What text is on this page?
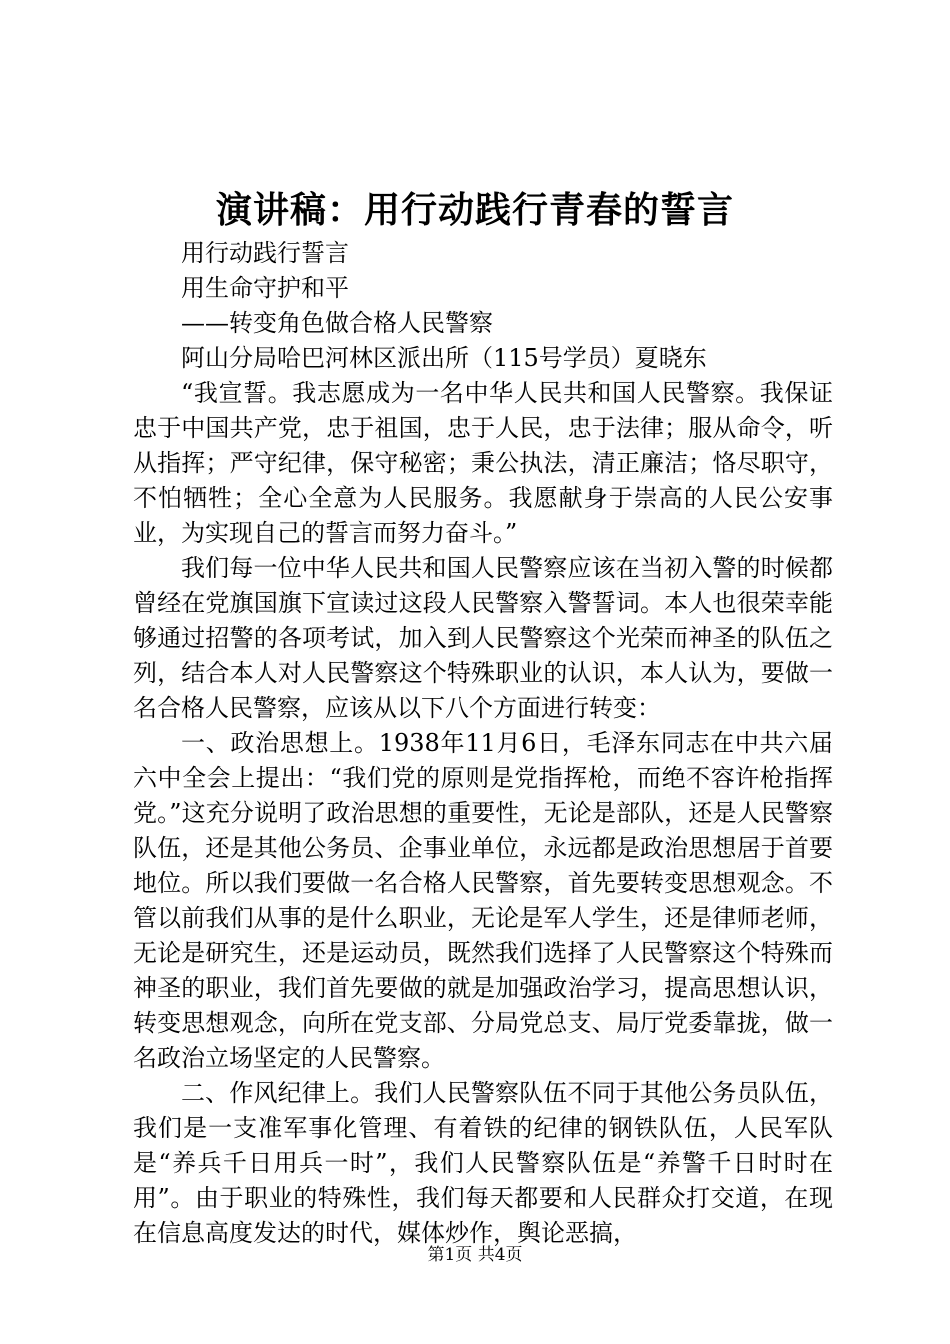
演讲稿：用行动践行青春的誓言

用行动践行誓言

用生命守护和平

——转变角色做合格人民警察

阿山分局哈巴河林区派出所（115号学员）夏晓东

“我宣誓。我志愿成为一名中华人民共和国人民警察。我保证忠于中国共产党，忠于祖国，忠于人民，忠于法律；服从命令，听从指挥；严守纪律，保守秘密；秉公执法，清正廉洁；恪尽职守，不怕牺牲；全心全意为人民服务。我愿献身于崇高的人民公安事业，为实现自己的誓言而努力奋斗。”

我们每一位中华人民共和国人民警察应该在当初入警的时候都曾经在党旗国旗下宣读过这段人民警察入警誓词。本人也很荣幸能够通过招警的各项考试，加入到人民警察这个光荣而神圣的队伍之列，结合本人对人民警察这个特殊职业的认识，本人认为，要做一名合格人民警察，应该从以下八个方面进行转变：

一、政治思想上。1938年11月6日，毛泽东同志在中共六届六中全会上提出：“我们党的原则是党指挥枪，而绝不容许枪指挥党。”这充分说明了政治思想的重要性，无论是部队，还是人民警察队伍，还是其他公务员、企事业单位，永远都是政治思想居于首要地位。所以我们要做一名合格人民警察，首先要转变思想观念。不管以前我们从事的是什么职业，无论是军人学生，还是律师老师，无论是研究生，还是运动员，既然我们选择了人民警察这个特殊而神圣的职业，我们首先要做的就是加强政治学习，提高思想认识，转变思想观念，向所在党支部、分局党总支、局厅党委靠拢，做一名政治立场坚定的人民警察。

二、作风纪律上。我们人民警察队伍不同于其他公务员队伍，我们是一支准军事化管理、有着铁的纪律的钢铁队伍，人民军队是“养兵千日用兵一时”，我们人民警察队伍是“养警千日时时在用”。由于职业的特殊性，我们每天都要和人民群众打交道，在现在信息高度发达的时代，媒体炒作，舆论恶搞，

第1页 共4页
